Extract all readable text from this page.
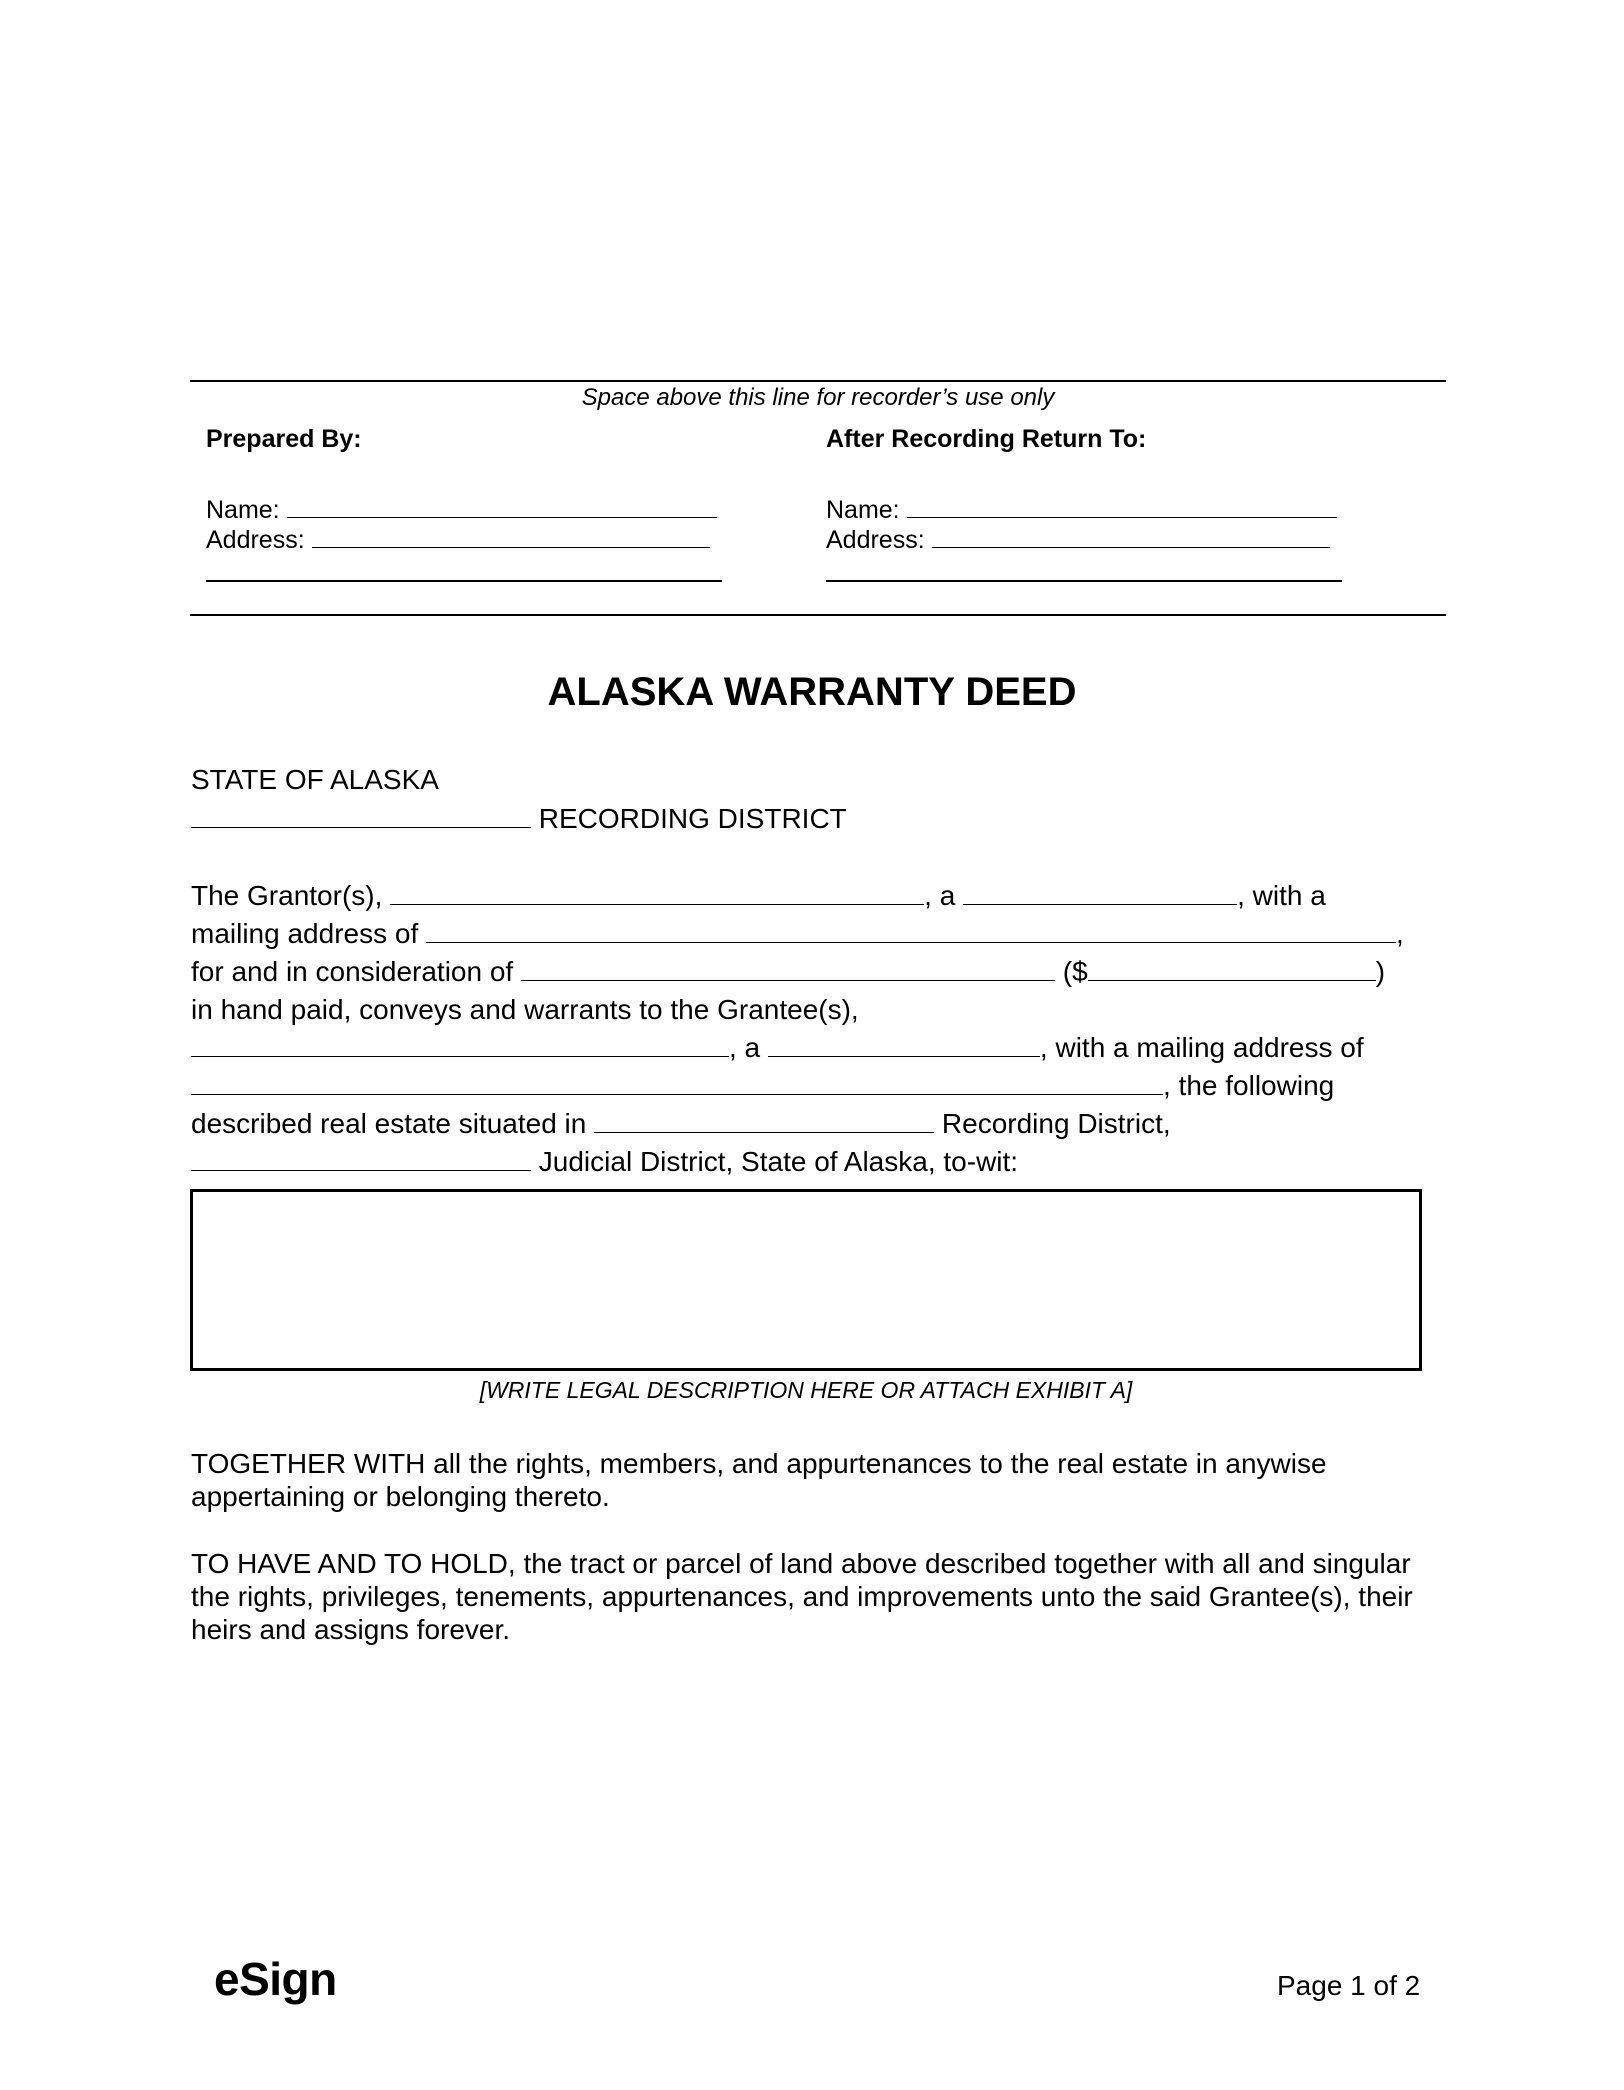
Space above this line for recorder’s use only
Prepared By:
Name:
Address:
After Recording Return To:
Name:
Address:
ALASKA WARRANTY DEED
STATE OF ALASKA
RECORDING DISTRICT
The Grantor(s),	, a	, with a
mailing address of	,
for and in consideration of	($	)
in hand paid, conveys and warrants to the Grantee(s),
, a	, with a mailing address of
, the following
described real estate situated in	Recording District,
Judicial District, State of Alaska, to-wit:
[WRITE LEGAL DESCRIPTION HERE OR ATTACH EXHIBIT A]
TOGETHER WITH all the rights, members, and appurtenances to the real estate in anywise appertaining or belonging thereto.
TO HAVE AND TO HOLD, the tract or parcel of land above described together with all and singular the rights, privileges, tenements, appurtenances, and improvements unto the said Grantee(s), their heirs and assigns forever.
eSign	Page 1 of 2
